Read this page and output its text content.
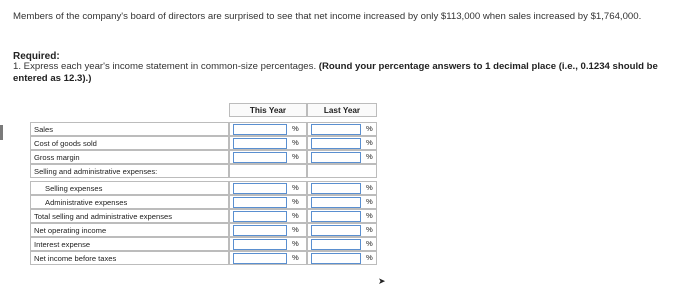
Members of the company's board of directors are surprised to see that net income increased by only $113,000 when sales increased by $1,764,000.
Required:
1. Express each year's income statement in common-size percentages. (Round your percentage answers to 1 decimal place (i.e., 0.1234 should be entered as 12.3).)
This Year	Last Year
Sales	%	%
Cost of goods sold	%	%
Gross margin	%	%
Selling and administrative expenses:
Selling expenses	%	%
Administrative expenses	%	%
Total selling and administrative expenses	%	%
Net operating income	%	%
Interest expense	%	%
Net income before taxes	%	%
➤
